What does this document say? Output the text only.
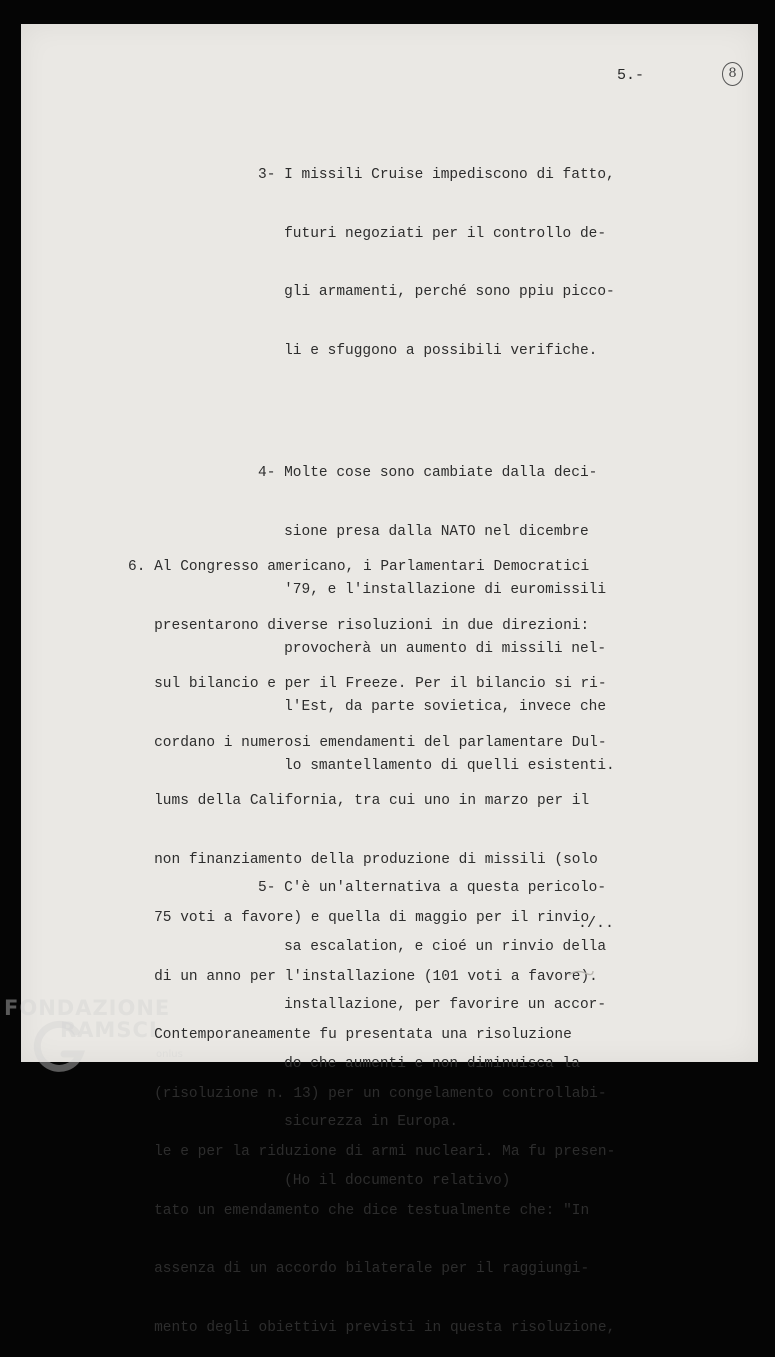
5.-	8

3- I missili Cruise impediscono di fatto,

futuri negoziati per il controllo de-

gli armamenti, perché sono ppiu picco-

li e sfuggono a possibili verifiche.

4- Molte cose sono cambiate dalla deci-

sione presa dalla NATO nel dicembre

'79, e l'installazione di euromissili

provocherà un aumento di missili nel-

l'Est, da parte sovietica, invece che

lo smantellamento di quelli esistenti.

5- C'è un'alternativa a questa pericolo-

sa escalation, e cioé un rinvio della

installazione, per favorire un accor-

do che aumenti e non diminuisca la

sicurezza in Europa.

(Ho il documento relativo)

6. Al Congresso americano, i Parlamentari Democratici

presentarono diverse risoluzioni in due direzioni:

sul bilancio e per il Freeze. Per il bilancio si ri-

cordano i numerosi emendamenti del parlamentare Dul-

lums della California, tra cui uno in marzo per il

non finanziamento della produzione di missili (solo

75 voti a favore) e quella di maggio per il rinvio

di un anno per l'installazione (101 voti a favore).

Contemporaneamente fu presentata una risoluzione

(risoluzione n. 13) per un congelamento controllabi-

le e per la riduzione di armi nucleari. Ma fu presen-

tato un emendamento che dice testualmente che: "In

assenza di un accordo bilaterale per il raggiungi-

mento degli obiettivi previsti in questa risoluzione,

./..
FONDAZIONE
RAMSCI
onlus
